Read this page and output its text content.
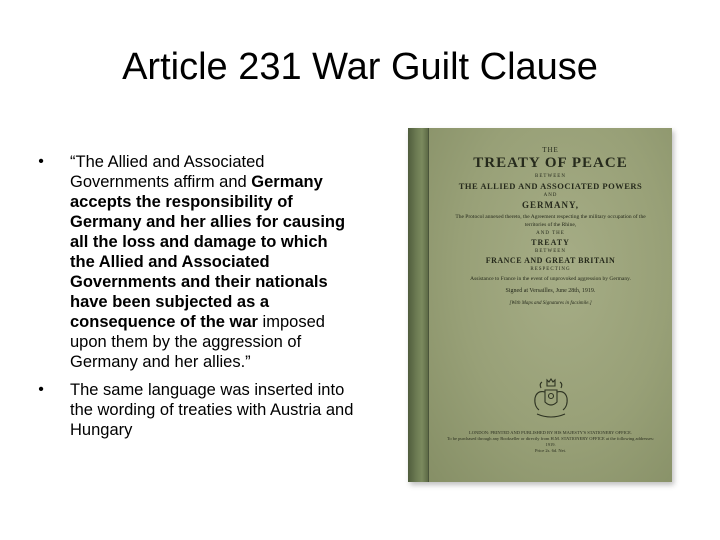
Article 231 War Guilt Clause
• “The Allied and Associated Governments affirm and Germany accepts the responsibility of Germany and her allies for causing all the loss and damage to which the Allied and Associated Governments and their nationals have been subjected as a consequence of the war imposed upon them by the aggression of Germany and her allies.”
• The same language was inserted into the wording of treaties with Austria and Hungary
THE
TREATY OF PEACE
BETWEEN
THE ALLIED AND ASSOCIATED POWERS
AND
GERMANY,
The Protocol annexed thereto, the Agreement respecting the military occupation of the territories of the Rhine,
AND THE
TREATY
BETWEEN
FRANCE AND GREAT BRITAIN
RESPECTING
Assistance to France in the event of unprovoked aggression by Germany.
Signed at Versailles, June 28th, 1919.
[With Maps and Signatures in facsimile.]
LONDON: PRINTED AND PUBLISHED BY HIS MAJESTY'S STATIONERY OFFICE.
To be purchased through any Bookseller or directly from H.M. STATIONERY OFFICE at the following addresses:
1919.
Price 2s. 6d. Net.
